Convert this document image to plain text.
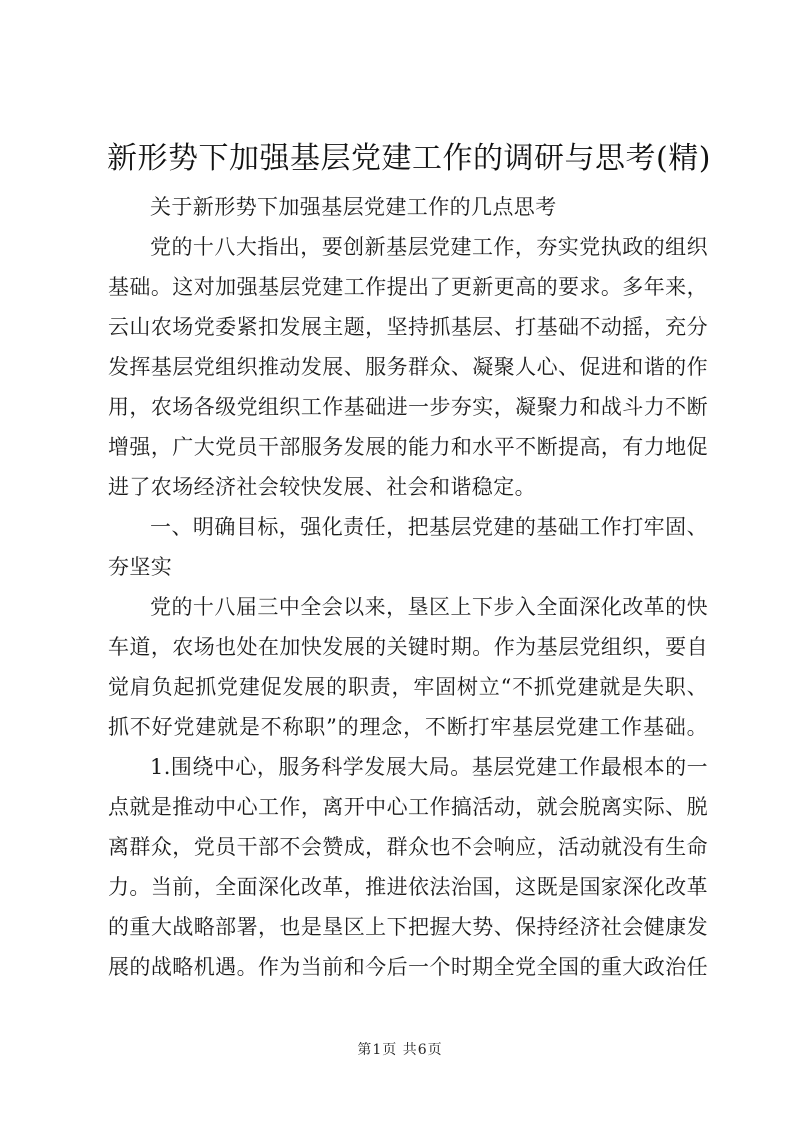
新形势下加强基层党建工作的调研与思考(精)
关于新形势下加强基层党建工作的几点思考
党的十八大指出，要创新基层党建工作，夯实党执政的组织
基础。这对加强基层党建工作提出了更新更高的要求。多年来，
云山农场党委紧扣发展主题，坚持抓基层、打基础不动摇，充分
发挥基层党组织推动发展、服务群众、凝聚人心、促进和谐的作
用，农场各级党组织工作基础进一步夯实，凝聚力和战斗力不断
增强，广大党员干部服务发展的能力和水平不断提高，有力地促
进了农场经济社会较快发展、社会和谐稳定。
一、明确目标，强化责任，把基层党建的基础工作打牢固、
夯坚实
党的十八届三中全会以来，垦区上下步入全面深化改革的快
车道，农场也处在加快发展的关键时期。作为基层党组织，要自
觉肩负起抓党建促发展的职责，牢固树立“不抓党建就是失职、
抓不好党建就是不称职”的理念，不断打牢基层党建工作基础。
1.围绕中心，服务科学发展大局。基层党建工作最根本的一
点就是推动中心工作，离开中心工作搞活动，就会脱离实际、脱
离群众，党员干部不会赞成，群众也不会响应，活动就没有生命
力。当前，全面深化改革，推进依法治国，这既是国家深化改革
的重大战略部署，也是垦区上下把握大势、保持经济社会健康发
展的战略机遇。作为当前和今后一个时期全党全国的重大政治任
第1页 共6页
